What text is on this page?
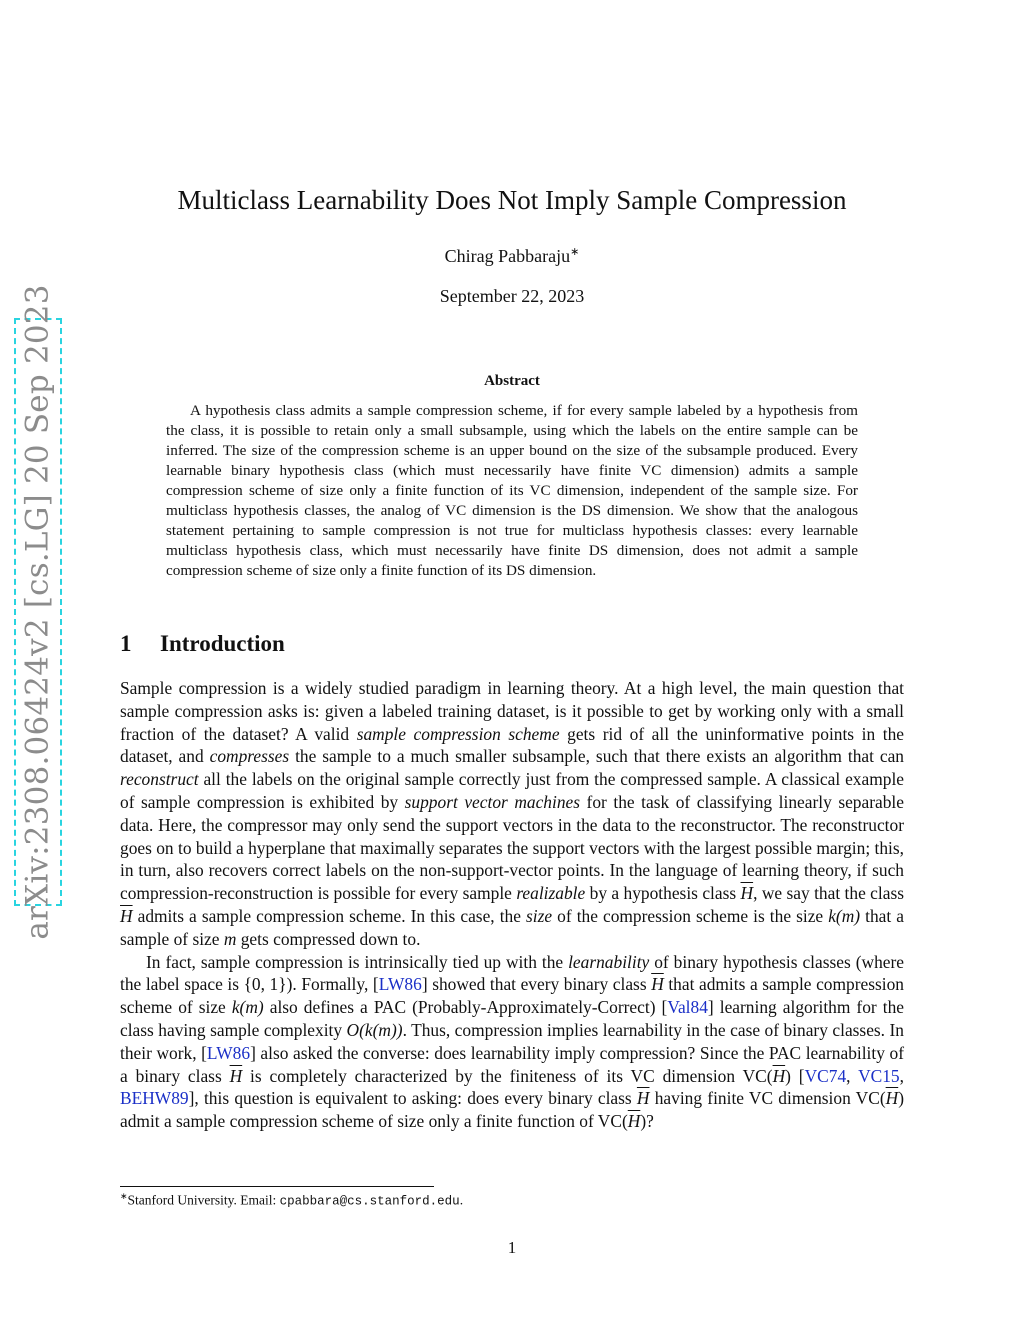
arXiv:2308.06424v2 [cs.LG] 20 Sep 2023
Multiclass Learnability Does Not Imply Sample Compression
Chirag Pabbaraju∗
September 22, 2023
Abstract

A hypothesis class admits a sample compression scheme, if for every sample labeled by a hypothesis from the class, it is possible to retain only a small subsample, using which the labels on the entire sample can be inferred. The size of the compression scheme is an upper bound on the size of the subsample produced. Every learnable binary hypothesis class (which must necessarily have finite VC dimension) admits a sample compression scheme of size only a finite function of its VC dimension, independent of the sample size. For multiclass hypothesis classes, the analog of VC dimension is the DS dimension. We show that the analogous statement pertaining to sample compression is not true for multiclass hypothesis classes: every learnable multiclass hypothesis class, which must necessarily have finite DS dimension, does not admit a sample compression scheme of size only a finite function of its DS dimension.

1 Introduction

Sample compression is a widely studied paradigm in learning theory. At a high level, the main question that sample compression asks is: given a labeled training dataset, is it possible to get by working only with a small fraction of the dataset? A valid sample compression scheme gets rid of all the uninformative points in the dataset, and compresses the sample to a much smaller subsample, such that there exists an algorithm that can reconstruct all the labels on the original sample correctly just from the compressed sample. A classical example of sample compression is exhibited by support vector machines for the task of classifying linearly separable data. Here, the compressor may only send the support vectors in the data to the reconstructor. The reconstructor goes on to build a hyperplane that maximally separates the support vectors with the largest possible margin; this, in turn, also recovers correct labels on the non-support-vector points. In the language of learning theory, if such compression-reconstruction is possible for every sample realizable by a hypothesis class $\overline{H}$, we say that the class $\overline{H}$ admits a sample compression scheme. In this case, the size of the compression scheme is the size k(m) that a sample of size m gets compressed down to.

In fact, sample compression is intrinsically tied up with the learnability of binary hypothesis classes (where the label space is {0, 1}). Formally, [LW86] showed that every binary class $\overline{H}$ that admits a sample compression scheme of size k(m) also defines a PAC (Probably-Approximately-Correct) [Val84] learning algorithm for the class having sample complexity O(k(m)). Thus, compression implies learnability in the case of binary classes. In their work, [LW86] also asked the converse: does learnability imply compression? Since the PAC learnability of a binary class $\overline{H}$ is completely characterized by the finiteness of its VC dimension $VC(\overline{H})$ [VC74, VC15, BEHW89], this question is equivalent to asking: does every binary class $\overline{H}$ having finite VC dimension $VC(\overline{H})$ admit a sample compression scheme of size only a finite function of $VC(\overline{H})$?

∗Stanford University. Email: cpabbara@cs.stanford.edu.
1
